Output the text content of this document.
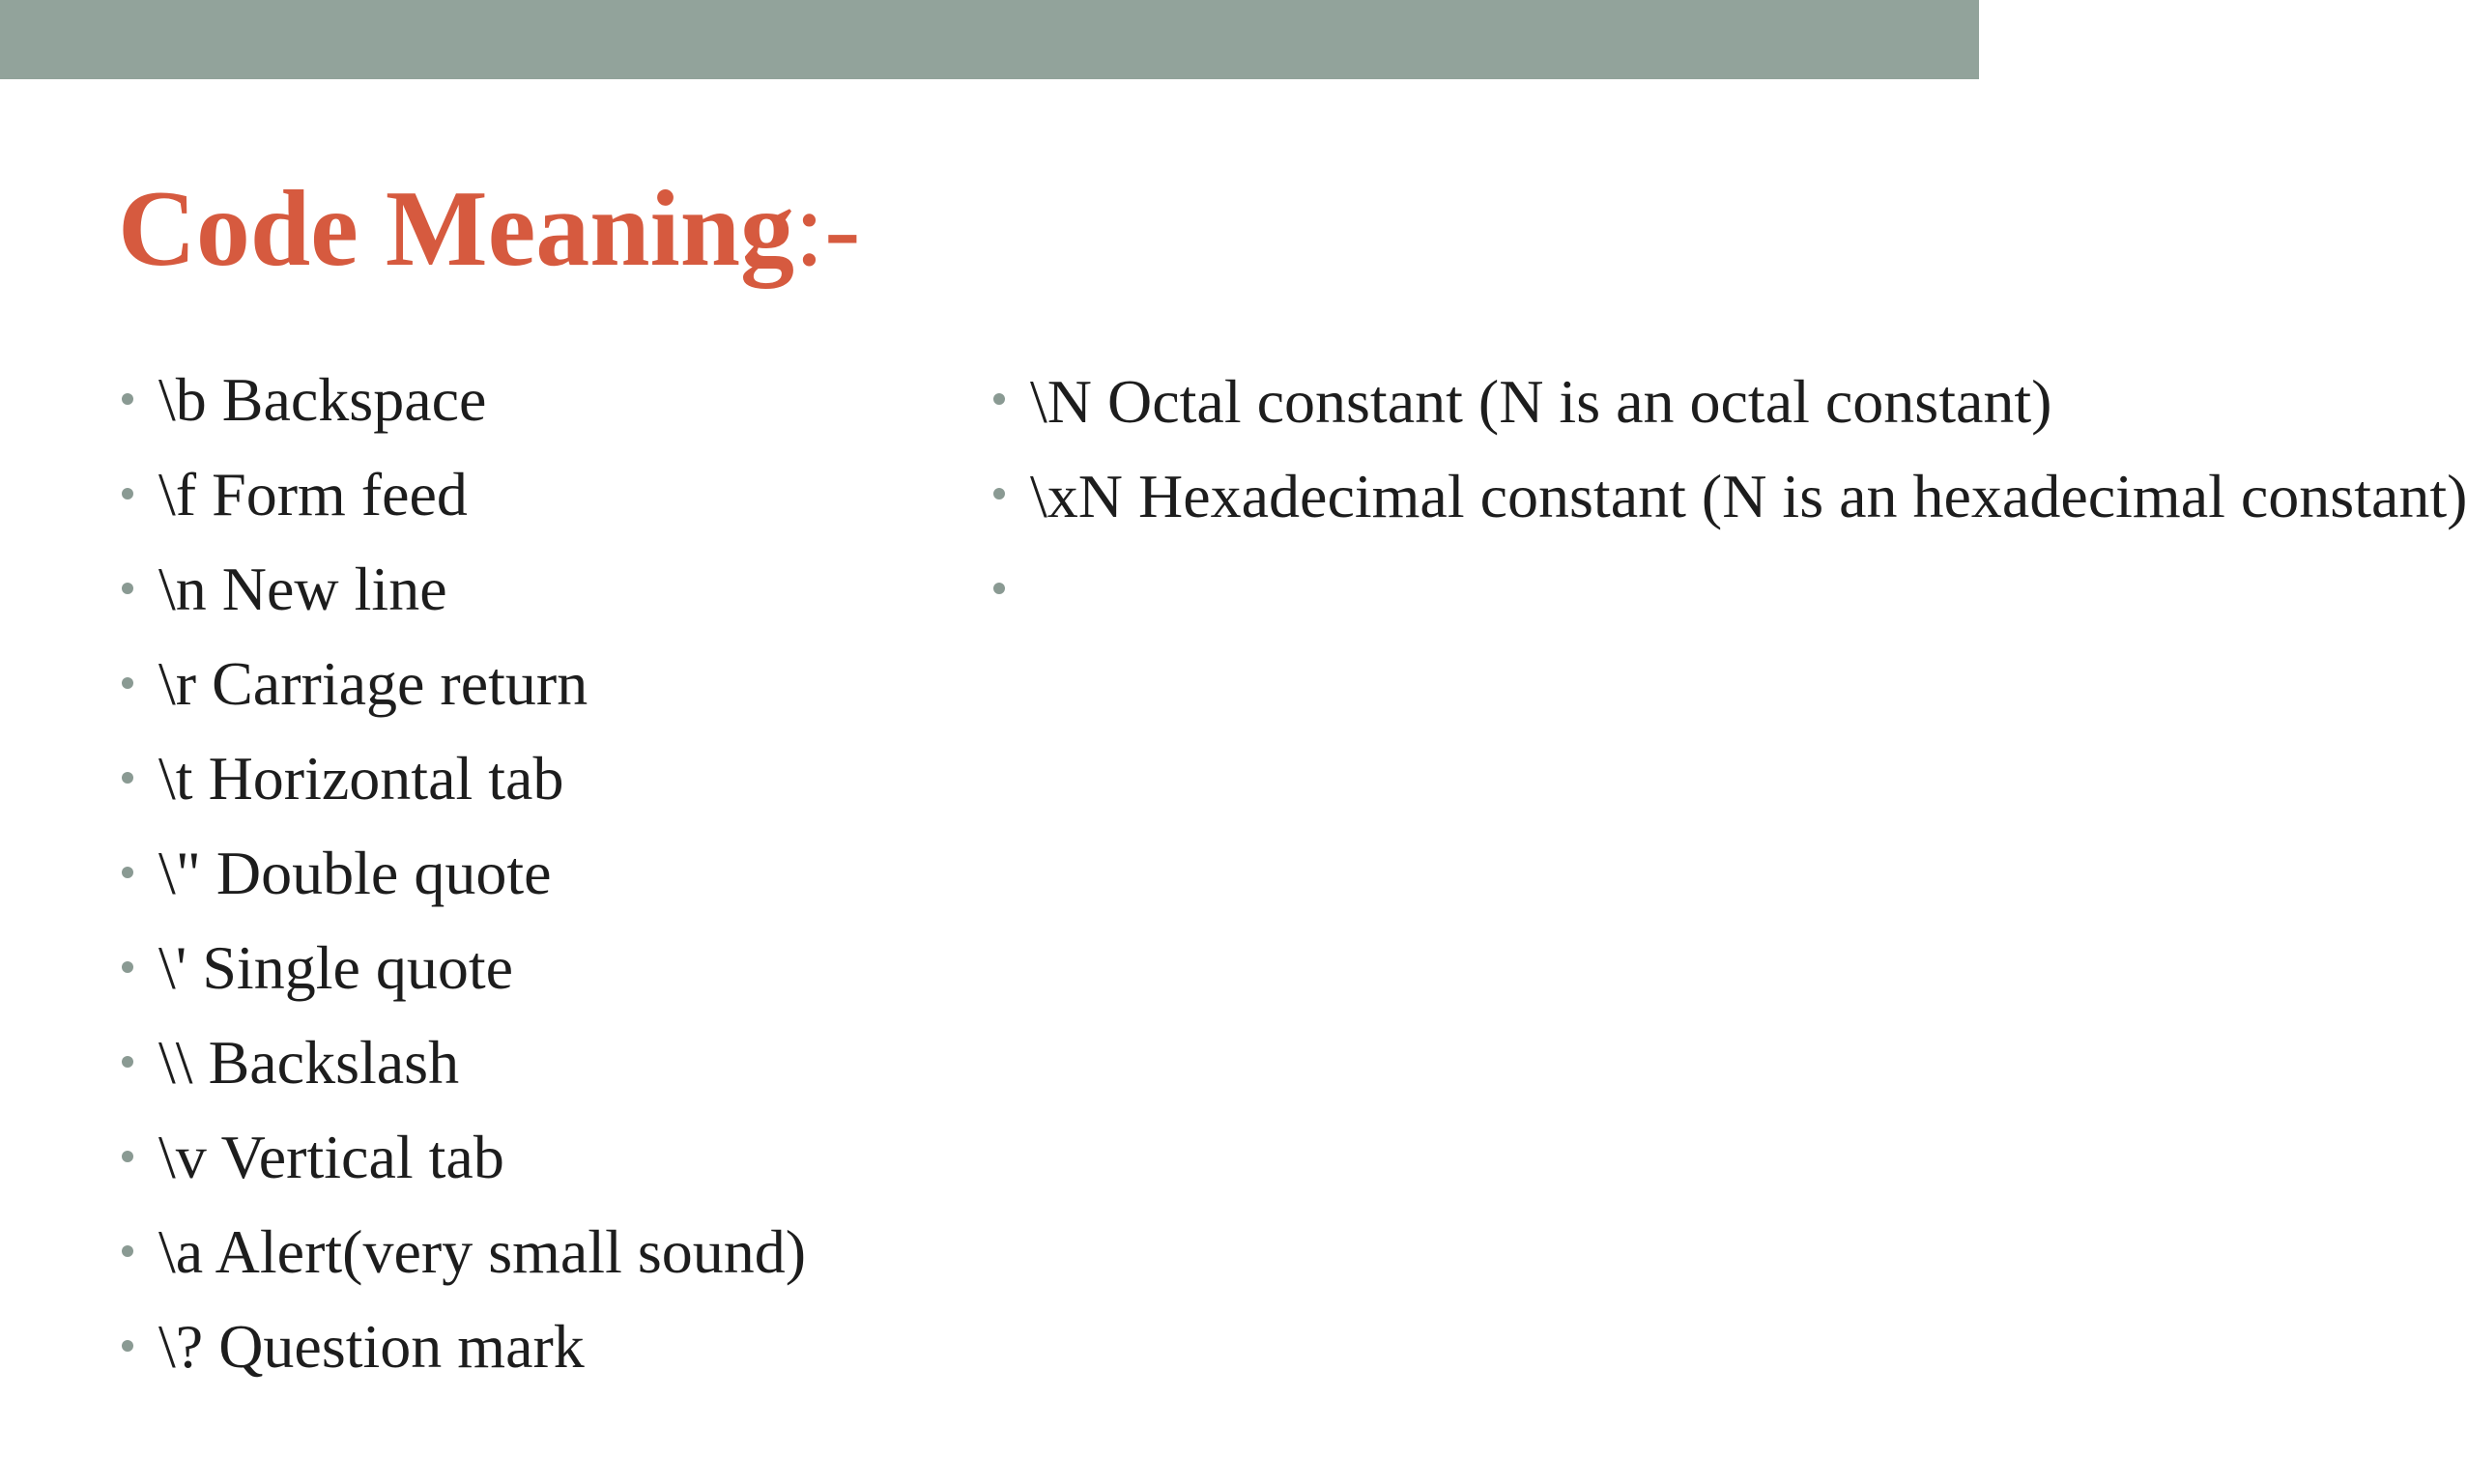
Code Meaning:-
\b Backspace
\f Form feed
\n New line
\r Carriage return
\t Horizontal tab
\" Double quote
\' Single quote
\\ Backslash
\v Vertical tab
\a Alert(very small sound)
\? Question mark
\N Octal constant (N is an octal constant)
\xN Hexadecimal constant (N is an hexadecimal constant)
